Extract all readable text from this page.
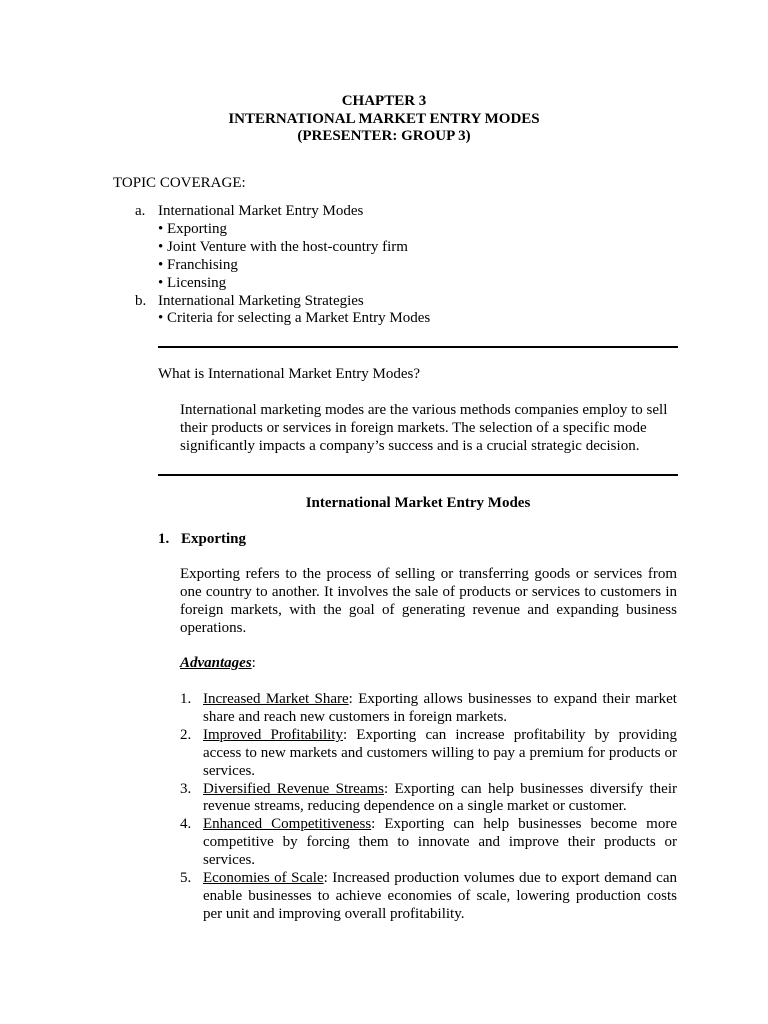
CHAPTER 3
INTERNATIONAL MARKET ENTRY MODES
(PRESENTER: GROUP 3)
TOPIC COVERAGE:
a. International Market Entry Modes
• Exporting
• Joint Venture with the host-country firm
• Franchising
• Licensing
b. International Marketing Strategies
• Criteria for selecting a Market Entry Modes
What is International Market Entry Modes?
International marketing modes are the various methods companies employ to sell their products or services in foreign markets. The selection of a specific mode significantly impacts a company’s success and is a crucial strategic decision.
International Market Entry Modes
1. Exporting
Exporting refers to the process of selling or transferring goods or services from one country to another. It involves the sale of products or services to customers in foreign markets, with the goal of generating revenue and expanding business operations.
Advantages:
1. Increased Market Share: Exporting allows businesses to expand their market share and reach new customers in foreign markets.
2. Improved Profitability: Exporting can increase profitability by providing access to new markets and customers willing to pay a premium for products or services.
3. Diversified Revenue Streams: Exporting can help businesses diversify their revenue streams, reducing dependence on a single market or customer.
4. Enhanced Competitiveness: Exporting can help businesses become more competitive by forcing them to innovate and improve their products or services.
5. Economies of Scale: Increased production volumes due to export demand can enable businesses to achieve economies of scale, lowering production costs per unit and improving overall profitability.
